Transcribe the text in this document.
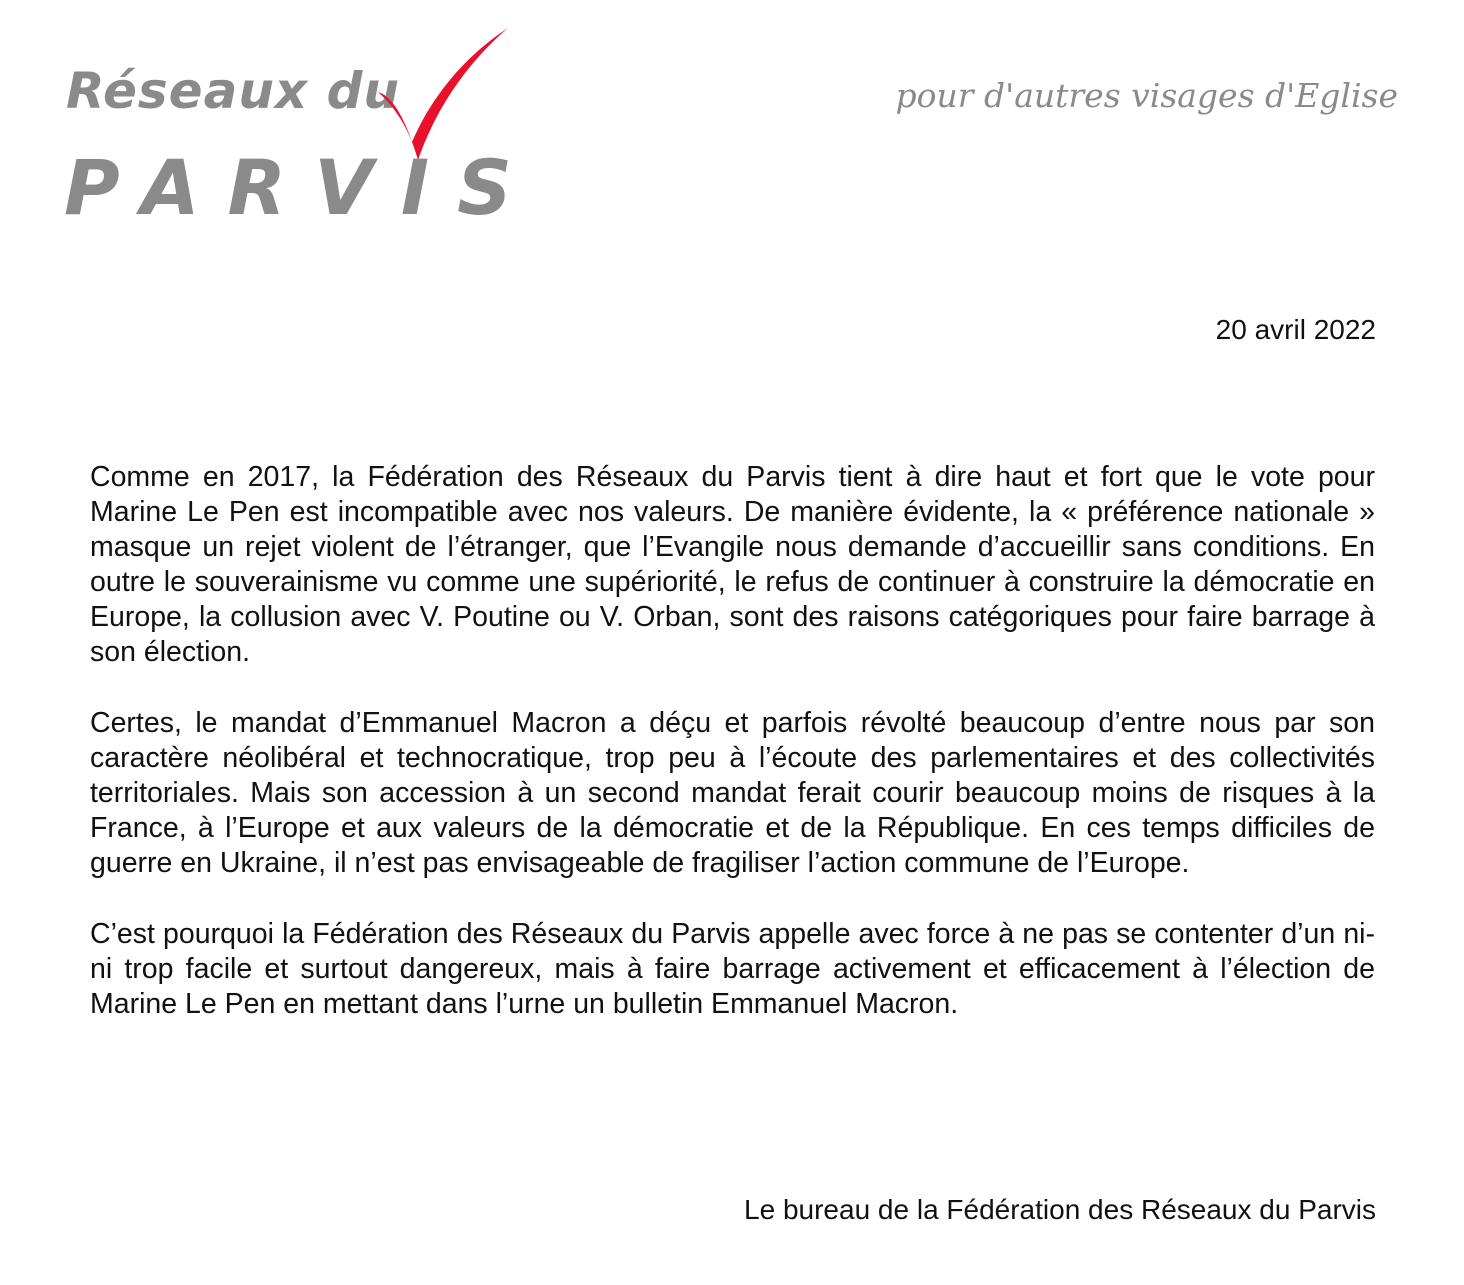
Réseaux du
PARVIS
pour d'autres visages d'Eglise
20 avril 2022

Comme en 2017, la Fédération des Réseaux du Parvis tient à dire haut et fort que le vote pour Marine Le Pen est incompatible avec nos valeurs. De manière évidente, la « préférence nationale » masque un rejet violent de l’étranger, que l’Evangile nous demande d’accueillir sans conditions. En outre le souverainisme vu comme une supériorité, le refus de continuer à construire la démocratie en Europe, la collusion avec V. Poutine ou V. Orban, sont des raisons catégoriques pour faire barrage à son élection.

Certes, le mandat d’Emmanuel Macron a déçu et parfois révolté beaucoup d’entre nous par son caractère néolibéral et technocratique, trop peu à l’écoute des parlementaires et des collectivités territoriales. Mais son accession à un second mandat ferait courir beaucoup moins de risques à la France, à l’Europe et aux valeurs de la démocratie et de la République. En ces temps difficiles de guerre en Ukraine, il n’est pas envisageable de fragiliser l’action commune de l’Europe.

C’est pourquoi la Fédération des Réseaux du Parvis appelle avec force à ne pas se contenter d’un ni-ni trop facile et surtout dangereux, mais à faire barrage activement et efficacement à l’élection de Marine Le Pen en mettant dans l’urne un bulletin Emmanuel Macron.

Le bureau de la Fédération des Réseaux du Parvis
